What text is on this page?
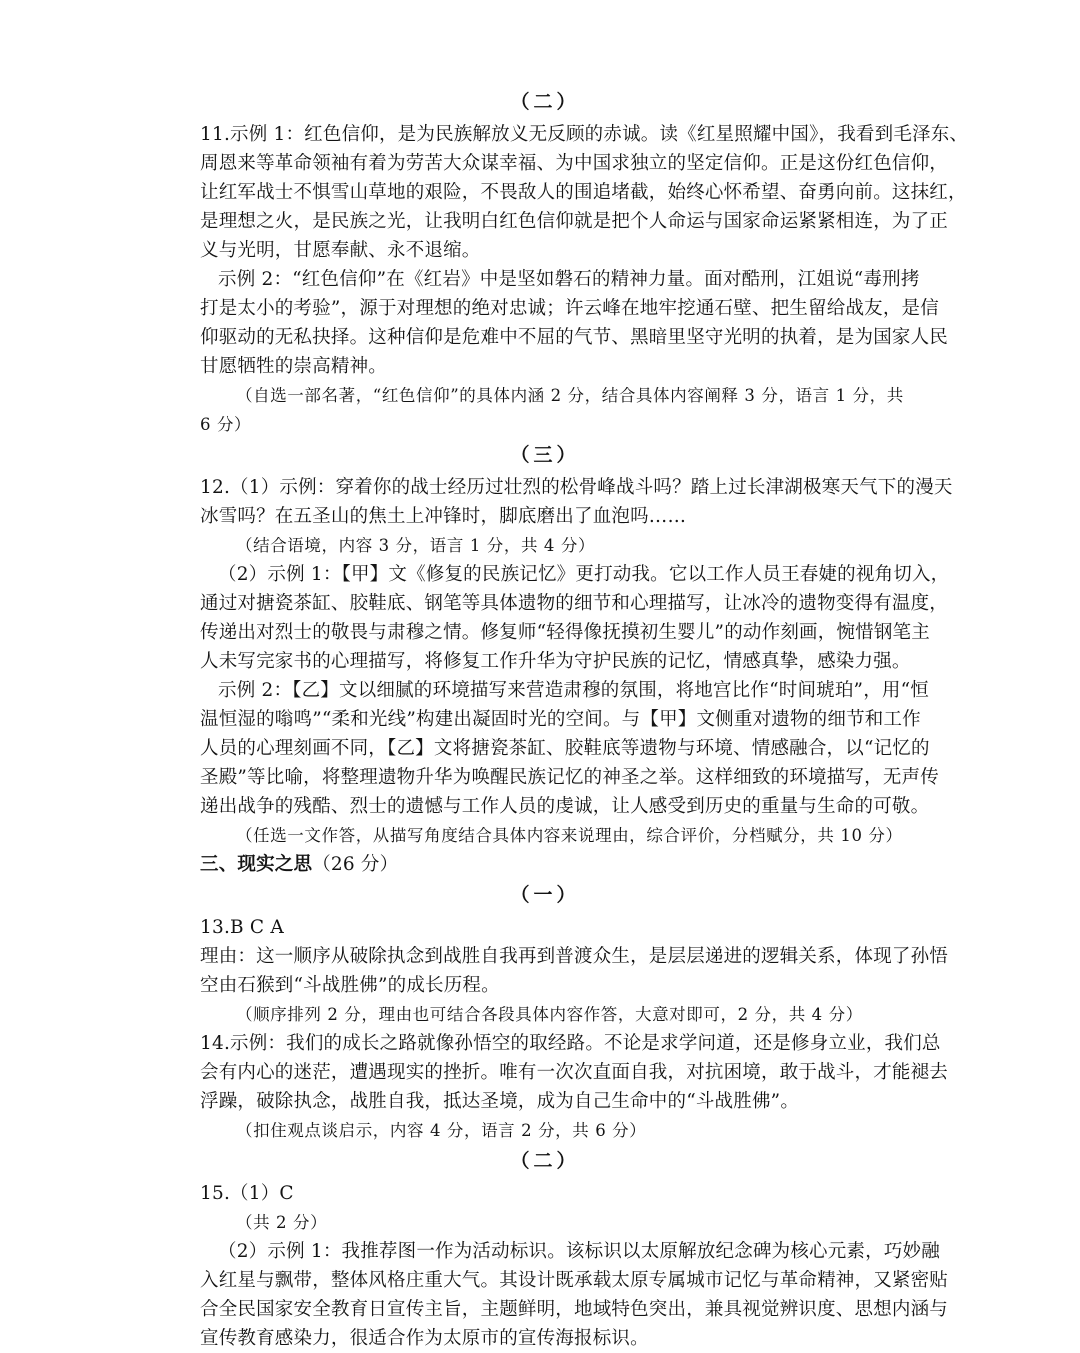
（二）
11.示例 1：红色信仰，是为民族解放义无反顾的赤诚。读《红星照耀中国》，我看到毛泽东、
周恩来等革命领袖有着为劳苦大众谋幸福、为中国求独立的坚定信仰。正是这份红色信仰，
让红军战士不惧雪山草地的艰险，不畏敌人的围追堵截，始终心怀希望、奋勇向前。这抹红，
是理想之火，是民族之光，让我明白红色信仰就是把个人命运与国家命运紧紧相连，为了正
义与光明，甘愿奉献、永不退缩。
示例 2：“红色信仰”在《红岩》中是坚如磐石的精神力量。面对酷刑，江姐说“毒刑拷
打是太小的考验”，源于对理想的绝对忠诚；许云峰在地牢挖通石壁、把生留给战友，是信
仰驱动的无私抉择。这种信仰是危难中不屈的气节、黑暗里坚守光明的执着，是为国家人民
甘愿牺牲的崇高精神。
（自选一部名著，“红色信仰”的具体内涵 2 分，结合具体内容阐释 3 分，语言 1 分，共
6 分）
（三）
12.（1）示例：穿着你的战士经历过壮烈的松骨峰战斗吗？踏上过长津湖极寒天气下的漫天
冰雪吗？在五圣山的焦土上冲锋时，脚底磨出了血泡吗……
（结合语境，内容 3 分，语言 1 分，共 4 分）
（2）示例 1：【甲】文《修复的民族记忆》更打动我。它以工作人员王春婕的视角切入，
通过对搪瓷茶缸、胶鞋底、钢笔等具体遗物的细节和心理描写，让冰冷的遗物变得有温度，
传递出对烈士的敬畏与肃穆之情。修复师“轻得像抚摸初生婴儿”的动作刻画，惋惜钢笔主
人未写完家书的心理描写，将修复工作升华为守护民族的记忆，情感真挚，感染力强。
示例 2：【乙】文以细腻的环境描写来营造肃穆的氛围，将地宫比作“时间琥珀”，用“恒
温恒湿的嗡鸣”“柔和光线”构建出凝固时光的空间。与【甲】文侧重对遗物的细节和工作
人员的心理刻画不同，【乙】文将搪瓷茶缸、胶鞋底等遗物与环境、情感融合，以“记忆的
圣殿”等比喻，将整理遗物升华为唤醒民族记忆的神圣之举。这样细致的环境描写，无声传
递出战争的残酷、烈士的遗憾与工作人员的虔诚，让人感受到历史的重量与生命的可敬。
（任选一文作答，从描写角度结合具体内容来说理由，综合评价，分档赋分，共 10 分）
三、现实之思（26 分）
（一）
13.B C A
理由：这一顺序从破除执念到战胜自我再到普渡众生，是层层递进的逻辑关系，体现了孙悟
空由石猴到“斗战胜佛”的成长历程。
（顺序排列 2 分，理由也可结合各段具体内容作答，大意对即可，2 分，共 4 分）
14.示例：我们的成长之路就像孙悟空的取经路。不论是求学问道，还是修身立业，我们总
会有内心的迷茫，遭遇现实的挫折。唯有一次次直面自我，对抗困境，敢于战斗，才能褪去
浮躁，破除执念，战胜自我，抵达圣境，成为自己生命中的“斗战胜佛”。
（扣住观点谈启示，内容 4 分，语言 2 分，共 6 分）
（二）
15.（1）C
（共 2 分）
（2）示例 1：我推荐图一作为活动标识。该标识以太原解放纪念碑为核心元素，巧妙融
入红星与飘带，整体风格庄重大气。其设计既承载太原专属城市记忆与革命精神，又紧密贴
合全民国家安全教育日宣传主旨，主题鲜明，地域特色突出，兼具视觉辨识度、思想内涵与
宣传教育感染力，很适合作为太原市的宣传海报标识。
